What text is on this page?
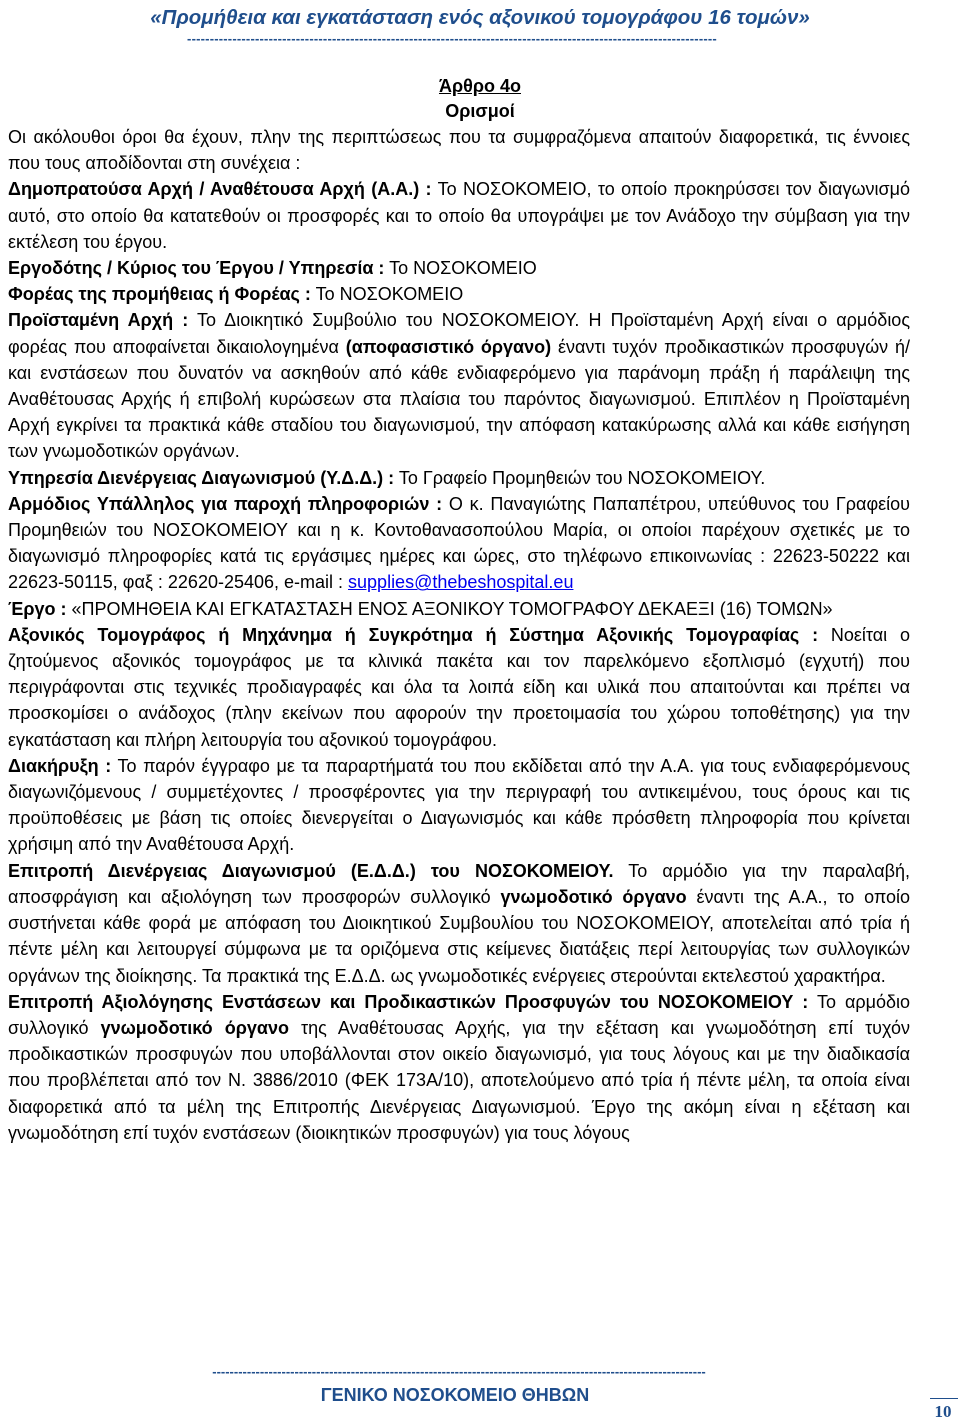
«Προμήθεια και εγκατάσταση ενός αξονικού τομογράφου 16 τομών»
---------------------------------------------------------------------------------------------------------------------
Άρθρο 4ο
Ορισμοί

Οι ακόλουθοι όροι θα έχουν, πλην της περιπτώσεως που τα συμφραζόμενα απαιτούν διαφορετικά, τις έννοιες που τους αποδίδονται στη συνέχεια :

Δημοπρατούσα Αρχή / Αναθέτουσα Αρχή (Α.Α.) : Το ΝΟΣΟΚΟΜΕΙΟ, το οποίο προκηρύσσει τον διαγωνισμό αυτό, στο οποίο θα κατατεθούν οι προσφορές και το οποίο θα υπογράψει με τον Ανάδοχο την σύμβαση για την εκτέλεση του έργου.

Εργοδότης / Κύριος του Έργου / Υπηρεσία : Το ΝΟΣΟΚΟΜΕΙΟ

Φορέας της προμήθειας ή Φορέας : Το ΝΟΣΟΚΟΜΕΙΟ

Προϊσταμένη Αρχή : Το Διοικητικό Συμβούλιο του ΝΟΣΟΚΟΜΕΙΟΥ. Η Προϊσταμένη Αρχή είναι ο αρμόδιος φορέας που αποφαίνεται δικαιολογημένα (αποφασιστικό όργανο) έναντι τυχόν προδικαστικών προσφυγών ή/και ενστάσεων που δυνατόν να ασκηθούν από κάθε ενδιαφερόμενο για παράνομη πράξη ή παράλειψη της Αναθέτουσας Αρχής ή επιβολή κυρώσεων στα πλαίσια του παρόντος διαγωνισμού. Επιπλέον η Προϊσταμένη Αρχή εγκρίνει τα πρακτικά κάθε σταδίου του διαγωνισμού, την απόφαση κατακύρωσης αλλά και κάθε εισήγηση των γνωμοδοτικών οργάνων.

Υπηρεσία Διενέργειας Διαγωνισμού (Υ.Δ.Δ.) : Το Γραφείο Προμηθειών του ΝΟΣΟΚΟΜΕΙΟΥ.

Αρμόδιος Υπάλληλος για παροχή πληροφοριών : Ο κ. Παναγιώτης Παπαπέτρου, υπεύθυνος του Γραφείου Προμηθειών του ΝΟΣΟΚΟΜΕΙΟΥ και η κ. Κοντοθανασοπούλου Μαρία, οι οποίοι παρέχουν σχετικές με το διαγωνισμό πληροφορίες κατά τις εργάσιμες ημέρες και ώρες, στο τηλέφωνο επικοινωνίας : 22623-50222 και 22623-50115, φαξ : 22620-25406, e-mail : supplies@thebeshospital.eu

Έργο : «ΠΡΟΜΗΘΕΙΑ ΚΑΙ ΕΓΚΑΤΑΣΤΑΣΗ ΕΝΟΣ ΑΞΟΝΙΚΟΥ ΤΟΜΟΓΡΑΦΟΥ ΔΕΚΑΕΞΙ (16) ΤΟΜΩΝ»

Αξονικός Τομογράφος ή Μηχάνημα ή Συγκρότημα ή Σύστημα Αξονικής Τομογραφίας : Νοείται ο ζητούμενος αξονικός τομογράφος με τα κλινικά πακέτα και τον παρελκόμενο εξοπλισμό (εγχυτή) που περιγράφονται στις τεχνικές προδιαγραφές και όλα τα λοιπά είδη και υλικά που απαιτούνται και πρέπει να προσκομίσει ο ανάδοχος (πλην εκείνων που αφορούν την προετοιμασία του χώρου τοποθέτησης) για την εγκατάσταση και πλήρη λειτουργία του αξονικού τομογράφου.

Διακήρυξη : Το παρόν έγγραφο με τα παραρτήματά του που εκδίδεται από την Α.Α. για τους ενδιαφερόμενους διαγωνιζόμενους / συμμετέχοντες / προσφέροντες για την περιγραφή του αντικειμένου, τους όρους και τις προϋποθέσεις με βάση τις οποίες διενεργείται ο Διαγωνισμός και κάθε πρόσθετη πληροφορία που κρίνεται χρήσιμη από την Αναθέτουσα Αρχή.

Επιτροπή Διενέργειας Διαγωνισμού (Ε.Δ.Δ.) του ΝΟΣΟΚΟΜΕΙΟΥ. Το αρμόδιο για την παραλαβή, αποσφράγιση και αξιολόγηση των προσφορών συλλογικό γνωμοδοτικό όργανο έναντι της Α.Α., το οποίο συστήνεται κάθε φορά με απόφαση του Διοικητικού Συμβουλίου του ΝΟΣΟΚΟΜΕΙΟΥ, αποτελείται από τρία ή πέντε μέλη και λειτουργεί σύμφωνα με τα οριζόμενα στις κείμενες διατάξεις περί λειτουργίας των συλλογικών οργάνων της διοίκησης. Τα πρακτικά της Ε.Δ.Δ. ως γνωμοδοτικές ενέργειες στερούνται εκτελεστού χαρακτήρα.

Επιτροπή Αξιολόγησης Ενστάσεων και Προδικαστικών Προσφυγών του ΝΟΣΟΚΟΜΕΙΟΥ : Το αρμόδιο συλλογικό γνωμοδοτικό όργανο της Αναθέτουσας Αρχής, για την εξέταση και γνωμοδότηση επί τυχόν προδικαστικών προσφυγών που υποβάλλονται στον οικείο διαγωνισμό, για τους λόγους και με την διαδικασία που προβλέπεται από τον Ν. 3886/2010 (ΦΕΚ 173Α/10), αποτελούμενο από τρία ή πέντε μέλη, τα οποία είναι διαφορετικά από τα μέλη της Επιτροπής Διενέργειας Διαγωνισμού. Έργο της ακόμη είναι η εξέταση και γνωμοδότηση επί τυχόν ενστάσεων (διοικητικών προσφυγών) για τους λόγους

------------------------------------------------------------------------------------------------------------------
ΓΕΝΙΚΟ ΝΟΣΟΚΟΜΕΙΟ ΘΗΒΩΝ
10
